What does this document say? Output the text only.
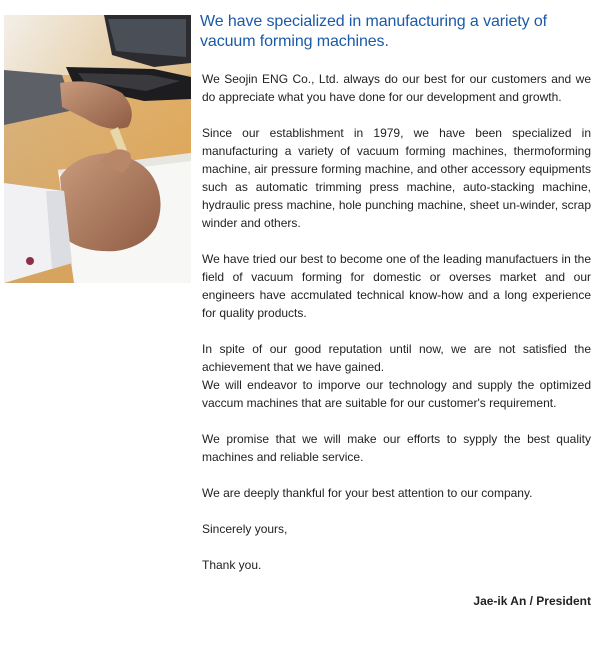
We have specialized in manufacturing a variety of vacuum forming machines.

We Seojin ENG Co., Ltd. always do our best for our customers and we do appreciate what you have done for our development and growth.

Since our establishment in 1979, we have been specialized in manufacturing a variety of vacuum forming machines, thermoforming machine, air pressure forming machine, and other accessory equipments such as automatic trimming press machine, auto-stacking machine, hydraulic press machine, hole punching machine, sheet un-winder, scrap winder and others.

We have tried our best to become one of the leading manufactuers in the field of vacuum forming for domestic or overses market and our engineers have accmulated technical know-how and a long experience for quality products.

In spite of our good reputation until now, we are not satisfied the achievement that we have gained.

We will endeavor to imporve our technology and supply the optimized vaccum machines that are suitable for our customer's requirement.

We promise that we will make our efforts to sypply the best quality machines and reliable service.

We are deeply thankful for your best attention to our company.

Sincerely yours,

Thank you.

Jae-ik An / President
